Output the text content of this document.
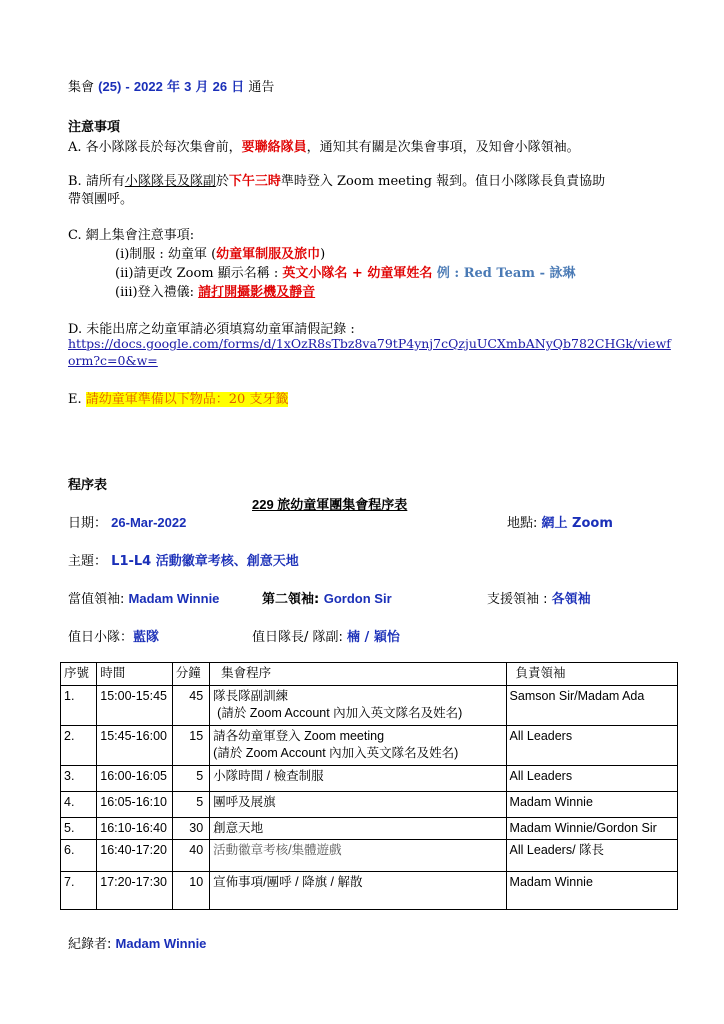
集會 (25) - 2022 年 3 月 26 日 通告
注意事項
A. 各小隊隊長於每次集會前，要聯絡隊員，通知其有關是次集會事項，及知會小隊領袖。
B. 請所有小隊隊長及隊副於下午三時準時登入 Zoom meeting 報到。值日小隊隊長負責協助
帶領團呼。
C. 網上集會注意事項:
(i)制服 : 幼童軍 (幼童軍制服及旅巾)
(ii)請更改 Zoom 顯示名稱 : 英文小隊名 + 幼童軍姓名 例 : Red Team - 詠琳
(iii)登入禮儀: 請打開攝影機及靜音
D. 未能出席之幼童軍請必須填寫幼童軍請假記錄 :
https://docs.google.com/forms/d/1xOzR8sTbz8va79tP4ynj7cQzjuUCXmbANyQb782CHGk/viewf
orm?c=0&w=
E. 請幼童軍準備以下物品：20 支牙籤
程序表
229 旅幼童軍團集會程序表
日期： 26-Mar-2022	地點: 網上 Zoom
主題： L1-L4 活動徽章考核、創意天地
當值領袖: Madam Winnie	第二領袖: Gordon Sir	支援領袖 : 各領袖
值日小隊：藍隊	值日隊長/ 隊副: 楠 / 穎怡
序號	時間	分鐘	集會程序	負責領袖
1.	15:00-15:45	45	隊長隊副訓練
(請於 Zoom Account 內加入英文隊名及姓名)	Samson Sir/Madam Ada
2.	15:45-16:00	15	請各幼童軍登入 Zoom meeting
(請於 Zoom Account 內加入英文隊名及姓名)	All Leaders
3.	16:00-16:05	5	小隊時間 / 檢查制服	All Leaders
4.	16:05-16:10	5	團呼及展旗	Madam Winnie
5.	16:10-16:40	30	創意天地	Madam Winnie/Gordon Sir
6.	16:40-17:20	40	活動徽章考核/集體遊戲	All Leaders/ 隊長
7.	17:20-17:30	10	宣佈事項/團呼 / 降旗 / 解散	Madam Winnie
紀錄者: Madam Winnie
